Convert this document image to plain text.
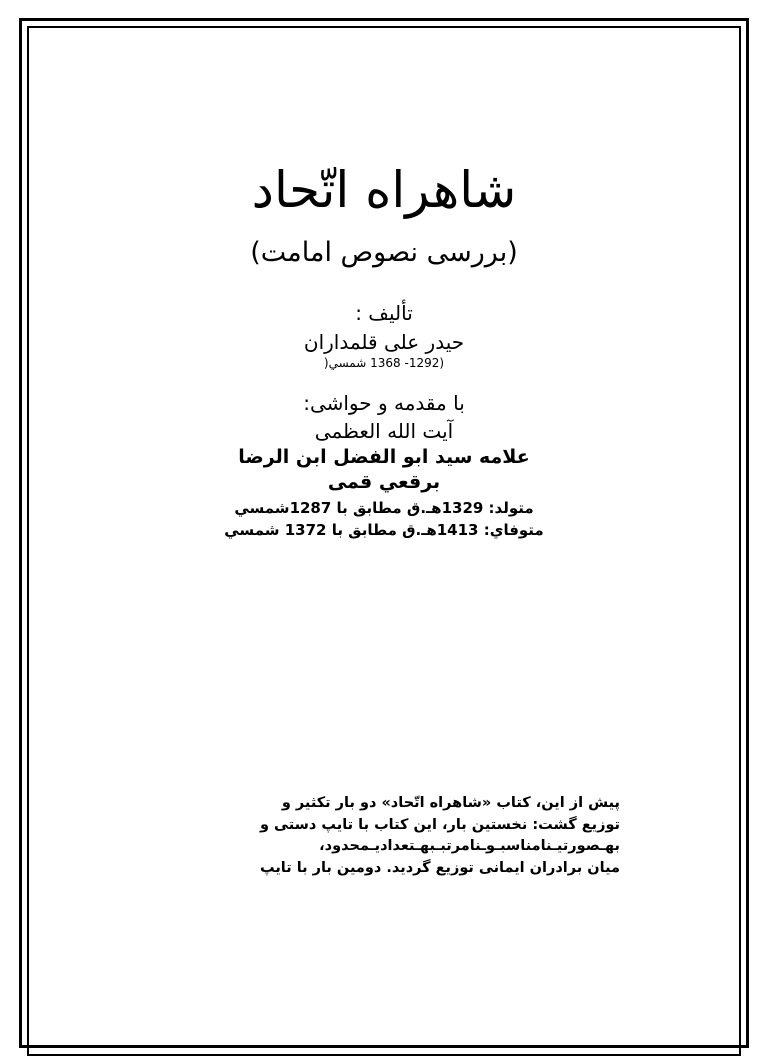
شاهراه اتّحاد
(بررسی نصوص امامت)
تألیف :
حیدر علی قلمداران
(1292- 1368 شمسي(
با مقدمه و حواشی:
آیت الله العظمی
علامه سید ابو الفضل ابن الرضا
برقعي قمی
متولد: 1329هـ.ق مطابق با 1287شمسي
متوفاي: 1413هـ.ق مطابق با 1372 شمسي
پیش از این، کتاب «شاهراه اتّحاد» دو بار تکثیر و
توزیع گشت: نخستین بار، این کتاب با تایپ دستی و
بهـصورتیـنامناسبـوـنامرتبـبهـتعدادیـمحدود،
میان برادران ایمانی توزیع گردید. دومین بار با تایپ
